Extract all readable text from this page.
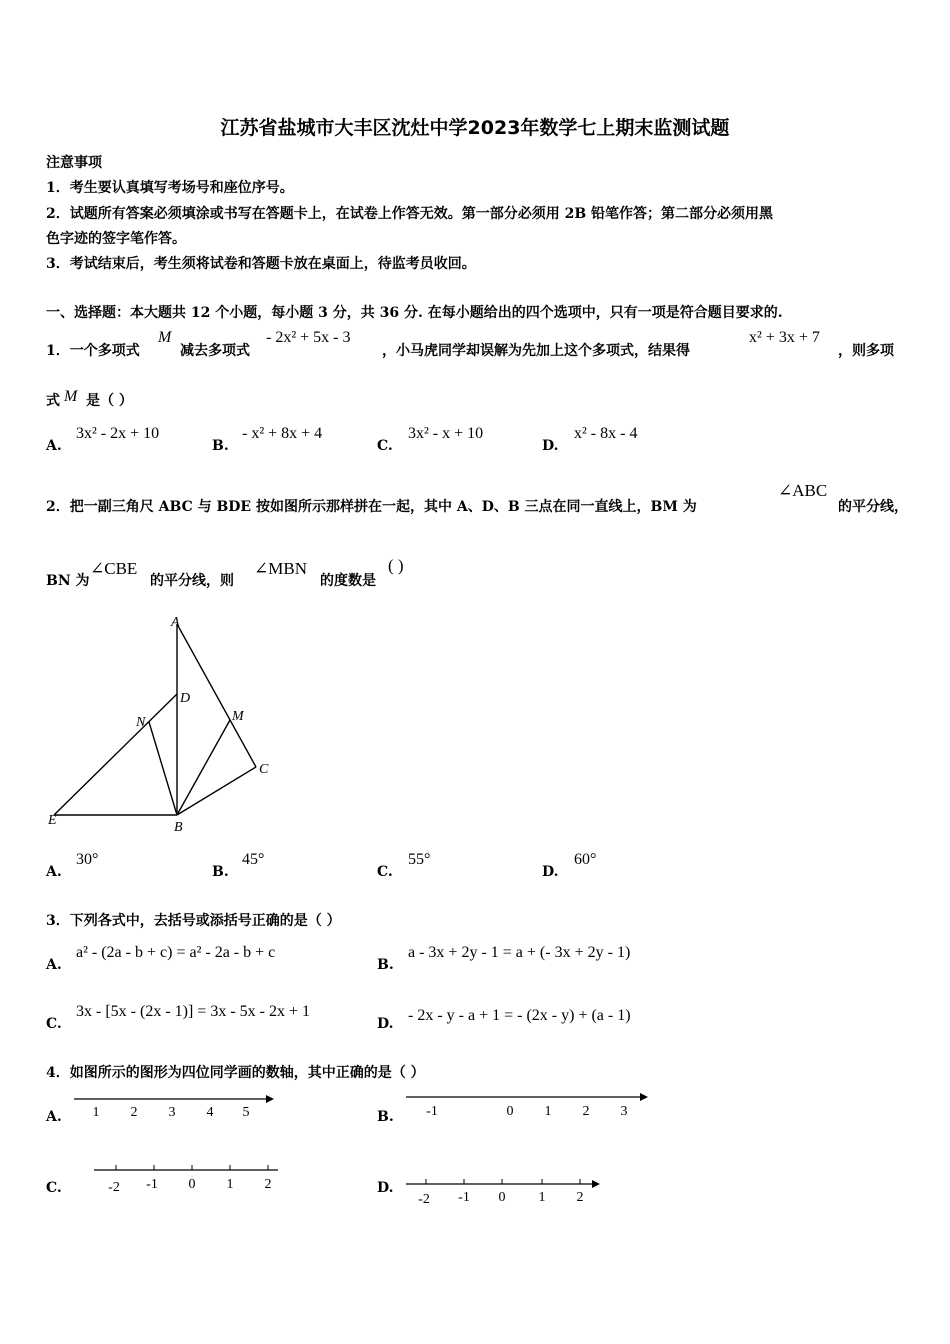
江苏省盐城市大丰区沈灶中学2023年数学七上期末监测试题
注意事项
1．考生要认真填写考场号和座位序号。
2．试题所有答案必须填涂或书写在答题卡上，在试卷上作答无效。第一部分必须用 2B 铅笔作答；第二部分必须用黑
色字迹的签字笔作答。
3．考试结束后，考生须将试卷和答题卡放在桌面上，待监考员收回。
一、选择题：本大题共 12 个小题，每小题 3 分，共 36 分. 在每小题给出的四个选项中，只有一项是符合题目要求的.
1．一个多项式
M
减去多项式
- 2x² + 5x - 3
，小马虎同学却误解为先加上这个多项式，结果得
x² + 3x + 7
，则多项
式 M 是（ ）
A.
3x² - 2x + 10
B.
- x² + 8x + 4
C.
3x² - x + 10
D.
x² - 8x - 4
2．把一副三角尺 ABC 与 BDE 按如图所示那样拼在一起，其中 A、D、B 三点在同一直线上，BM 为
∠ABC
的平分线，
BN 为
∠CBE
的平分线，则
∠MBN
的度数是
( )
A
D
N	M
C
E	B
A.
30°
B.
45°
C.
55°
D.
60°
3．下列各式中，去括号或添括号正确的是（ ）
A.
a² - (2a - b + c) = a² - 2a - b + c
B.
a - 3x + 2y - 1 = a + (- 3x + 2y - 1)
C.
3x - [5x - (2x - 1)] = 3x - 5x - 2x + 1
D. - 2x - y - a + 1 = - (2x - y) + (a - 1)
4．如图所示的图形为四位同学画的数轴，其中正确的是（ ）
A. 1 2 3 4 5	B. -1	0 1 2 3
C.	-2 -1 0 1 2	D.
-2 -1 0 1 2
